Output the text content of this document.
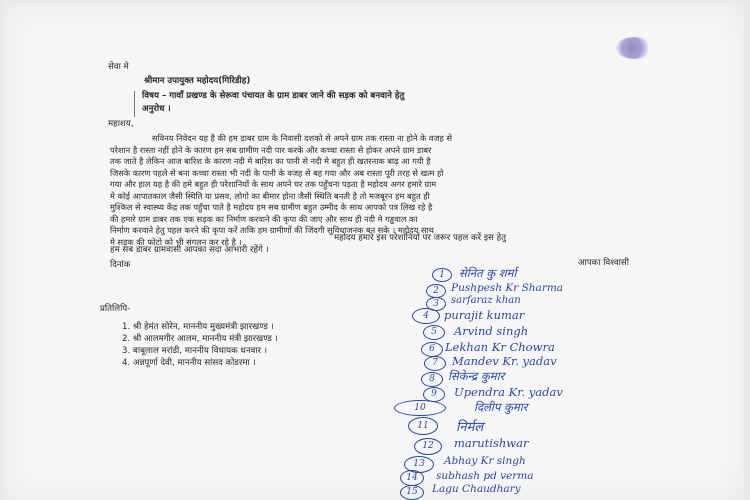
सेवा मे
श्रीमान उपायुक्त महोदय(गिरिडीह)
विषय – गावाँ प्रखण्ड के सेरूवा पंचायत के ग्राम डाबर जाने की सड़क को बनवाने हेतु
अनुरोध ।
महाशय,
सविनय निवेदन यह है की हम डाबर ग्राम के निवासी दशको से अपने ग्राम तक रास्ता ना होने के वजह से
परेशान है रास्ता नहीं होने के कारण हम सब ग्रामीण नदी पार करके और कच्चा रास्ता से होकर अपने ग्राम डाबर
तक जाते है लेकिन आज बारिश के कारण नदी मे बारिश का पानी से नदी मे बहुत ही खतरनाक बाढ़ आ गयी है
जिसके कारण पहले से बना कच्चा रास्ता भी नदी के पानी के वजह से बह गया और अब रास्ता पूरी तरह से खत्म हो
गया और हाल यह है की हमे बहुत ही परेशानियों के साथ अपने घर तक पहुँचना पड़ता है महोदय अगर हमारे ग्राम
मे कोई आपातकाल जैसी स्थिति या प्रसव, लोगो का बीमार होना जैसी स्थिति बनती है तो मजबूरन हम बहुत ही
मुश्किल से स्वास्थ्य केंद्र तक पहुँचा पाते है महोदय हम सब ग्रामीण बहुत उम्मीद के साथ आपको पत्र लिख रहे है
की हमारे ग्राम डाबर तक एक सड़क का निर्माण करवाने की कृपा की जाए और साथ ही नदी मे गड्ढवाल का
निर्माण करवाने हेतु पहल करने की कृपा करें ताकि हम ग्रामीणों की जिंदगी सुविधाजनक बन सके । महोदय साथ
मे सड़क की फोटो को भी संगलन कर रहे है ।	महोदय हमारे इस परेशानियों पर जरूर पहल करें इस हेतु
हम सब डाबर ग्रामवासी आपका सदा आभारी रहेंगे ।
दिनांक	आपका विश्वासी
प्रतिलिपि-
1. श्री हेमंत सोरेन, माननीय मुख्यमंत्री झारखण्ड ।
2. श्री आलमगीर आलम, माननीय मंत्री झारखण्ड ।
3. बाबूलाल मरांडी, माननीय विधायक धनवार ।
4. अन्नपूर्णा देवी, माननीय सांसद कोडरमा ।
1	सेनित कु शर्मा
2	Pushpesh Kr Sharma
3	sarfaraz khan
4	purajit kumar
5	Arvind singh
6 Lekhan Kr Chowra
7	Mandev Kr. yadav
8	सिकेन्द्र कुमार
9	Upendra Kr. yadav
10	दिलीप कुमार
11	निर्मल
12	marutishwar
13	Abhay Kr singh
14	subhash pd verma
15	Lagu Chaudhary
